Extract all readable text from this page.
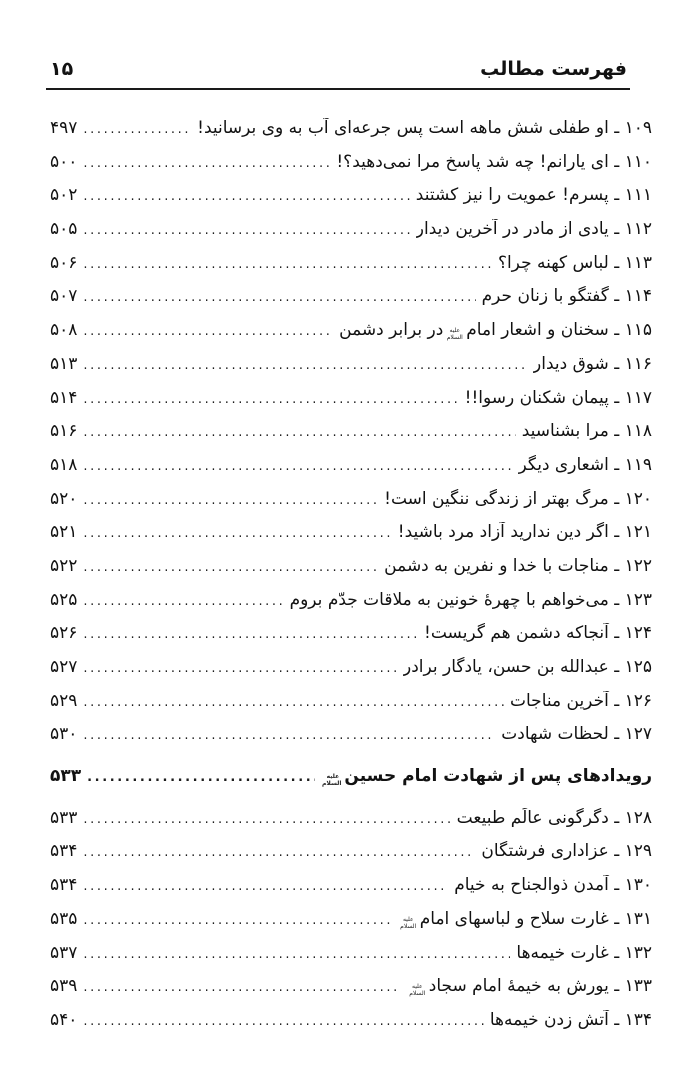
فهرست مطالب
۱۵
۱۰۹ ـ او طفلی شش ماهه است پس جرعه‌ای آب به وی برسانید!
.....
۴۹۷
۱۱۰ ـ ای یارانم! چه شد پاسخ مرا نمی‌دهید؟!
.....
۵۰۰
۱۱۱ ـ پسرم! عمویت را نیز کشتند
.....
۵۰۲
۱۱۲ ـ یادی از مادر در آخرین دیدار
.....
۵۰۵
۱۱۳ ـ لباس کهنه چرا؟
.....
۵۰۶
۱۱۴ ـ گفتگو با زنان حرم
.....
۵۰۷
۱۱۵ ـ سخنان و اشعار امامعلیه السلامدر برابر دشمن
.....
۵۰۸
۱۱۶ ـ شوق دیدار
.....
۵۱۳
۱۱۷ ـ پیمان شکنان رسوا!!
.....
۵۱۴
۱۱۸ ـ مرا بشناسید
.....
۵۱۶
۱۱۹ ـ اشعاری دیگر
.....
۵۱۸
۱۲۰ ـ مرگ بهتر از زندگی ننگین است!
.....
۵۲۰
۱۲۱ ـ اگر دین ندارید آزاد مرد باشید!
.....
۵۲۱
۱۲۲ ـ مناجات با خدا و نفرین به دشمن
.....
۵۲۲
۱۲۳ ـ می‌خواهم با چهرهٔ خونین به ملاقات جدّم بروم
.....
۵۲۵
۱۲۴ ـ آنجاکه دشمن هم گریست!
.....
۵۲۶
۱۲۵ ـ عبدالله بن حسن، یادگار برادر
.....
۵۲۷
۱۲۶ ـ آخرین مناجات
.....
۵۲۹
۱۲۷ ـ لحظات شهادت
.....
۵۳۰
رویدادهای پس از شهادت امام حسینعلیه السلام
.....
۵۳۳
۱۲۸ ـ دگرگونی عالَم طبیعت
.....
۵۳۳
۱۲۹ ـ عزاداری فرشتگان
.....
۵۳۴
۱۳۰ ـ آمدن ذوالجناح به خیام
.....
۵۳۴
۱۳۱ ـ غارت سلاح و لباسهای امامعلیه السلام
.....
۵۳۵
۱۳۲ ـ غارت خیمه‌ها
.....
۵۳۷
۱۳۳ ـ یورش به خیمهٔ امام سجادعلیه السلام
.....
۵۳۹
۱۳۴ ـ آتش زدن خیمه‌ها
.....
۵۴۰
